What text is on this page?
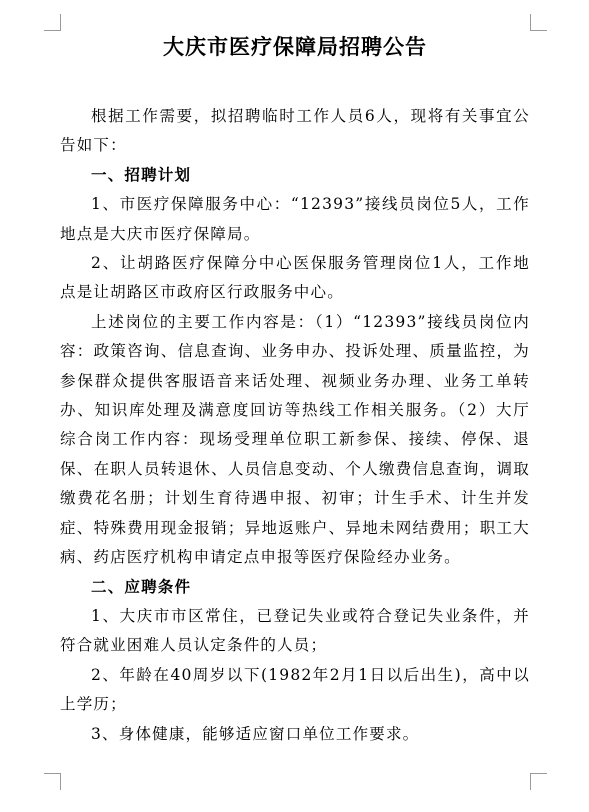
大庆市医疗保障局招聘公告

根据工作需要，拟招聘临时工作人员6人，现将有关事宜公告如下：

一、招聘计划

1、市医疗保障服务中心：“12393”接线员岗位5人，工作地点是大庆市医疗保障局。

2、让胡路医疗保障分中心医保服务管理岗位1人，工作地点是让胡路区市政府区行政服务中心。

上述岗位的主要工作内容是：（1）“12393”接线员岗位内容：政策咨询、信息查询、业务申办、投诉处理、质量监控，为参保群众提供客服语音来话处理、视频业务办理、业务工单转办、知识库处理及满意度回访等热线工作相关服务。（2）大厅综合岗工作内容：现场受理单位职工新参保、接续、停保、退保、在职人员转退休、人员信息变动、个人缴费信息查询，调取缴费花名册；计划生育待遇申报、初审；计生手术、计生并发症、特殊费用现金报销；异地返账户、异地未网结费用；职工大病、药店医疗机构申请定点申报等医疗保险经办业务。

二、应聘条件

1、大庆市市区常住，已登记失业或符合登记失业条件，并符合就业困难人员认定条件的人员；

2、年龄在40周岁以下(1982年2月1日以后出生)，高中以上学历；

3、身体健康，能够适应窗口单位工作要求。
